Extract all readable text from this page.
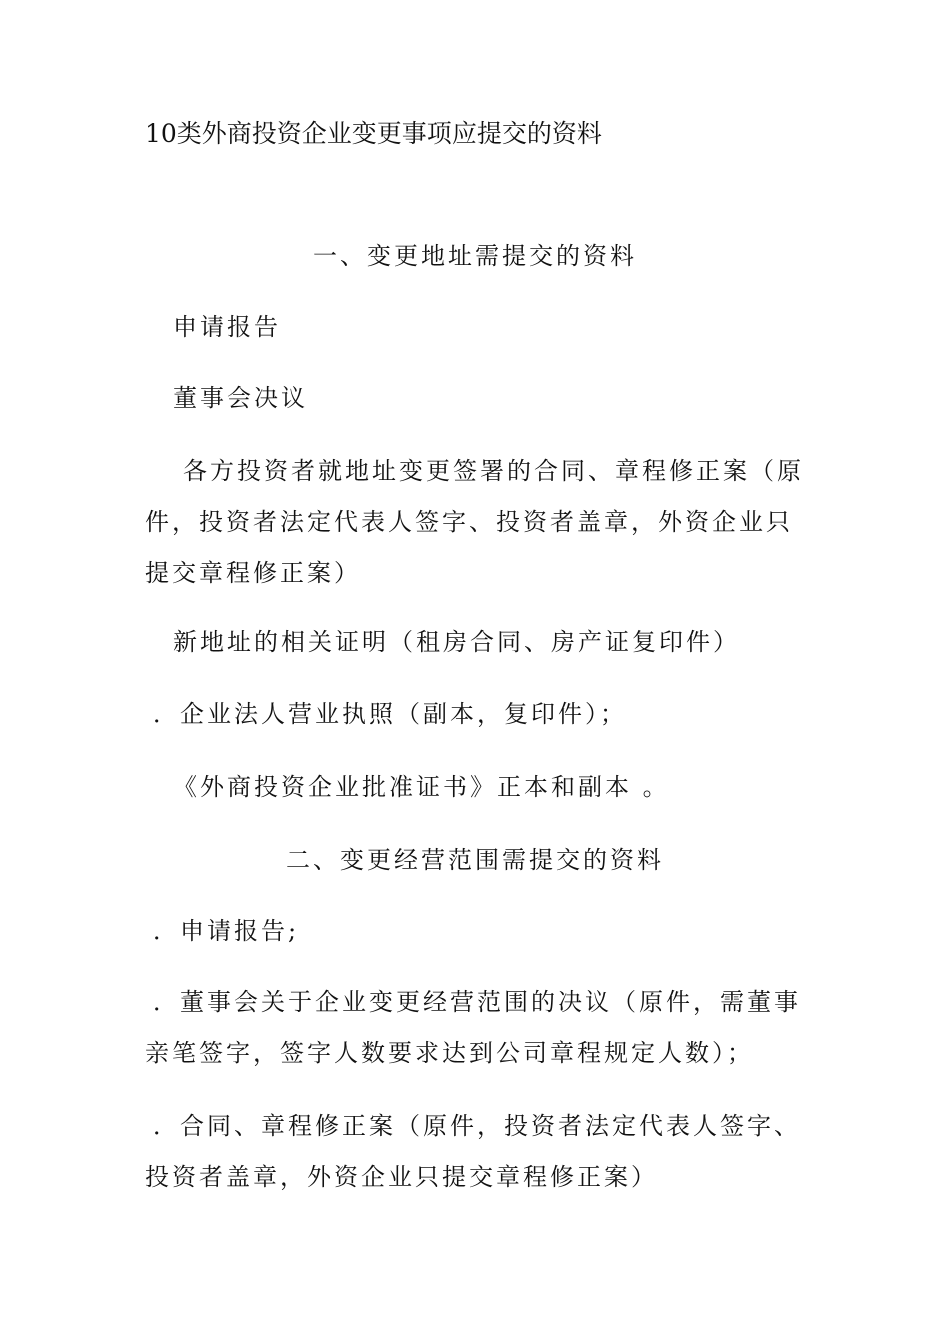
10类外商投资企业变更事项应提交的资料
一、变更地址需提交的资料
申请报告
董事会决议
各方投资者就地址变更签署的合同、章程修正案（原件，投资者法定代表人签字、投资者盖章，外资企业只提交章程修正案）
新地址的相关证明（租房合同、房产证复印件）
．企业法人营业执照（副本，复印件）；
《外商投资企业批准证书》正本和副本 。
二、变更经营范围需提交的资料
．申请报告;
．董事会关于企业变更经营范围的决议（原件，需董事亲笔签字，签字人数要求达到公司章程规定人数）；
．合同、章程修正案（原件，投资者法定代表人签字、投资者盖章，外资企业只提交章程修正案）
